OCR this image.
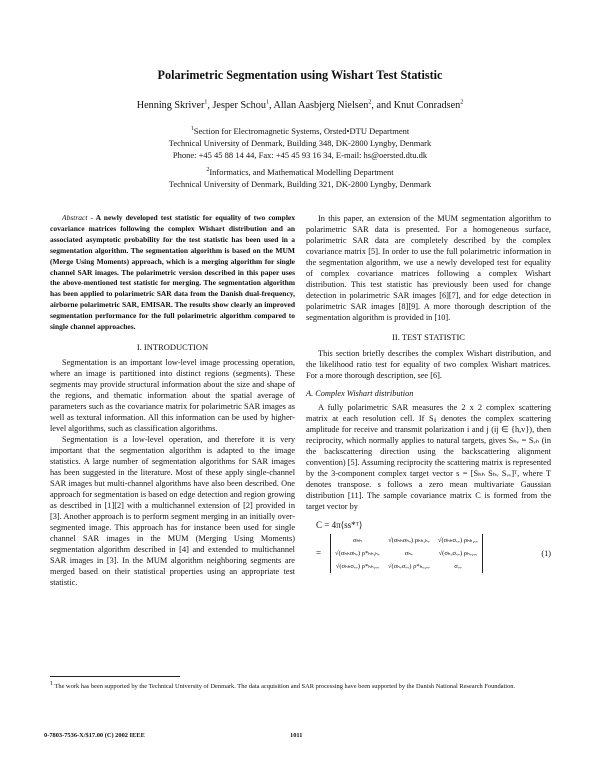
Polarimetric Segmentation using Wishart Test Statistic
Henning Skriver$^1$, Jesper Schou$^1$, Allan Aasbjerg Nielsen$^2$, and Knut Conradsen$^2$
$^1$Section for Electromagnetic Systems, Orsted•DTU Department
Technical University of Denmark, Building 348, DK-2800 Lyngby, Denmark
Phone: +45 45 88 14 44, Fax: +45 45 93 16 34, E-mail: hs@oersted.dtu.dk
$^2$Informatics, and Mathematical Modelling Department
Technical University of Denmark, Building 321, DK-2800 Lyngby, Denmark

Abstract - A newly developed test statistic for equality of two complex covariance matrices following the complex Wishart distribution and an associated asymptotic probability for the test statistic has been used in a segmentation algorithm. The segmentation algorithm is based on the MUM (Merge Using Moments) approach, which is a merging algorithm for single channel SAR images. The polarimetric version described in this paper uses the above-mentioned test statistic for merging. The segmentation algorithm has been applied to polarimetric SAR data from the Danish dual-frequency, airborne polarimetric SAR, EMISAR. The results show clearly an improved segmentation performance for the full polarimetric algorithm compared to single channel approaches.

I. INTRODUCTION

Segmentation is an important low-level image processing operation, where an image is partitioned into distinct regions (segments). These segments may provide structural information about the size and shape of the regions, and thematic information about the spatial average of parameters such as the covariance matrix for polarimetric SAR images as well as textural information. All this information can be used by higher-level algorithms, such as classification algorithms.

Segmentation is a low-level operation, and therefore it is very important that the segmentation algorithm is adapted to the image statistics. A large number of segmentation algorithms for SAR images has been suggested in the literature. Most of these apply single-channel SAR images but multi-channel algorithms have also been described. One approach for segmentation is based on edge detection and region growing as described in [1][2] with a multichannel extension of [2] provided in [3]. Another approach is to perform segment merging in an initially over-segmented image. This approach has for instance been used for single channel SAR images in the MUM (Merging Using Moments) segmentation algorithm described in [4] and extended to multichannel SAR images in [3]. In the MUM algorithm neighboring segments are merged based on their statistical properties using an appropriate test statistic.

In this paper, an extension of the MUM segmentation algorithm to polarimetric SAR data is presented. For a homogeneous surface, polarimetric SAR data are completely described by the complex covariance matrix [5]. In order to use the full polarimetric information in the segmentation algorithm, we use a newly developed test for equality of complex covariance matrices following a complex Wishart distribution. This test statistic has previously been used for change detection in polarimetric SAR images [6][7], and for edge detection in polarimetric SAR images [8][9]. A more thorough description of the segmentation algorithm is provided in [10].

II. TEST STATISTIC

This section briefly describes the complex Wishart distribution, and the likelihood ratio test for equality of two complex Wishart matrices. For a more thorough description, see [6].

A. Complex Wishart distribution

A fully polarimetric SAR measures the 2 x 2 complex scattering matrix at each resolution cell. If Sᵢⱼ denotes the complex scattering amplitude for receive and transmit polarization i and j (ij ∈ {h,v}), then reciprocity, which normally applies to natural targets, gives Sₕᵥ = Sᵥₕ (in the backscattering direction using the backscattering alignment convention) [5]. Assuming reciprocity the scattering matrix is represented by the 3-component complex target vector s = [Sₕₕ Sₕᵥ Sᵥᵥ]ᵀ, where T denotes transpose. s follows a zero mean multivariate Gaussian distribution [11]. The sample covariance matrix C is formed from the target vector by

C = 4π⟨ss*ᵀ⟩
=
σₕₕ	√(σₕₕσₕᵥ) ρₕₕ,ₕᵥ	√(σₕₕσᵥᵥ) ρₕₕ,ᵥᵥ
√(σₕₕσₕᵥ) ρ*ₕₕ,ₕᵥ	σₕᵥ	√(σₕᵥσᵥᵥ) ρₕᵥ,ᵥᵥ
√(σₕₕσᵥᵥ) ρ*ₕₕ,ᵥᵥ	√(σₕᵥσᵥᵥ) ρ*ₕᵥ,ᵥᵥ	σᵥᵥ
(1)
$^1$ The work has been supported by the Technical University of Denmark. The data acquisition and SAR processing have been supported by the Danish National Research Foundation.
0-7803-7536-X/$17.00 (C) 2002 IEEE	1011
